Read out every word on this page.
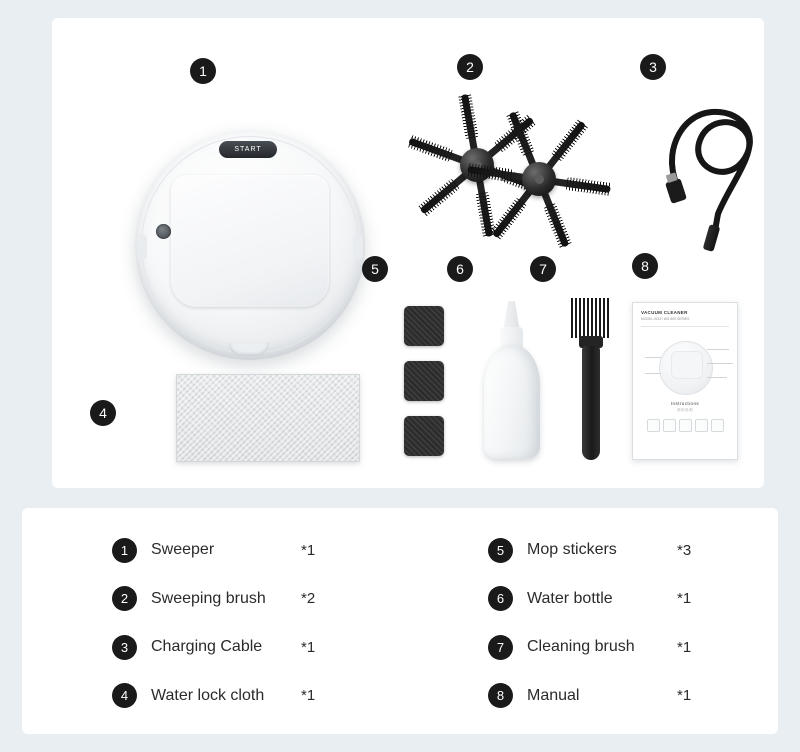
1
START
2	3
4
5	6	7	8
VACUUM CLEANER
MODEL:IS33 / WS-500 SERIES
Instructions
使用说明
1	Sweeper	*1	5	Mop stickers	*3
2	Sweeping brush	*2	6	Water bottle	*1
3	Charging Cable	*1	7	Cleaning brush	*1
4	Water lock cloth	*1	8	Manual	*1
